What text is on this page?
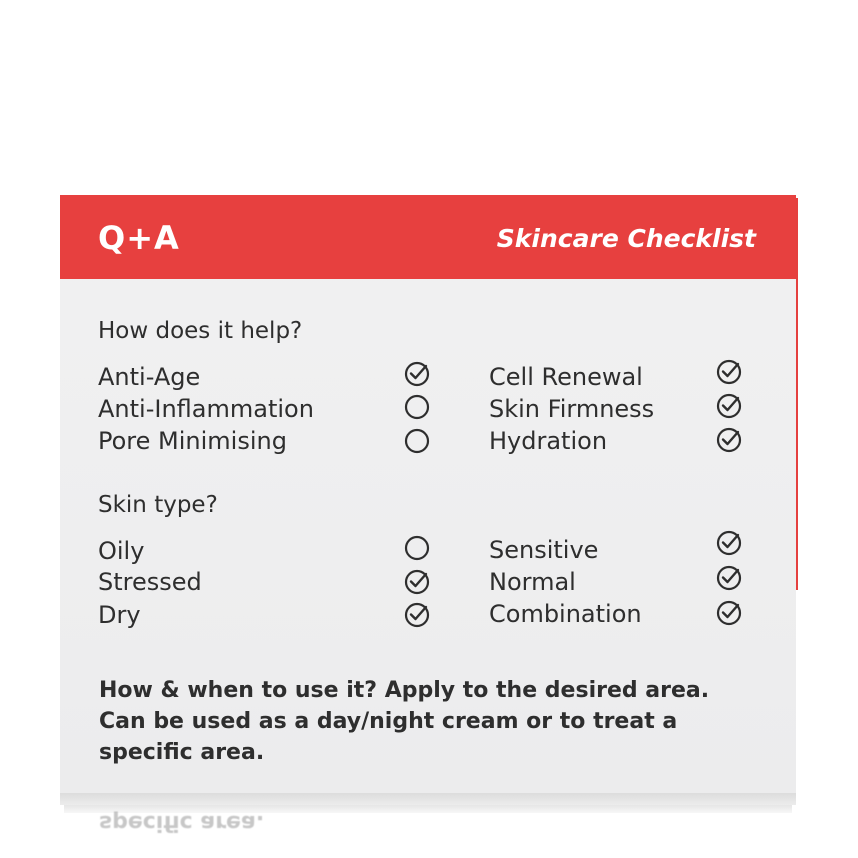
Q+A	Skincare Checklist
How does it help?
Anti-Age
Anti-Inflammation
Pore Minimising
Cell Renewal
Skin Firmness
Hydration
Skin type?
Oily
Stressed
Dry
Sensitive
Normal
Combination
How & when to use it? Apply to the desired area.
Can be used as a day/night cream or to treat a
specific area.
specific area.
